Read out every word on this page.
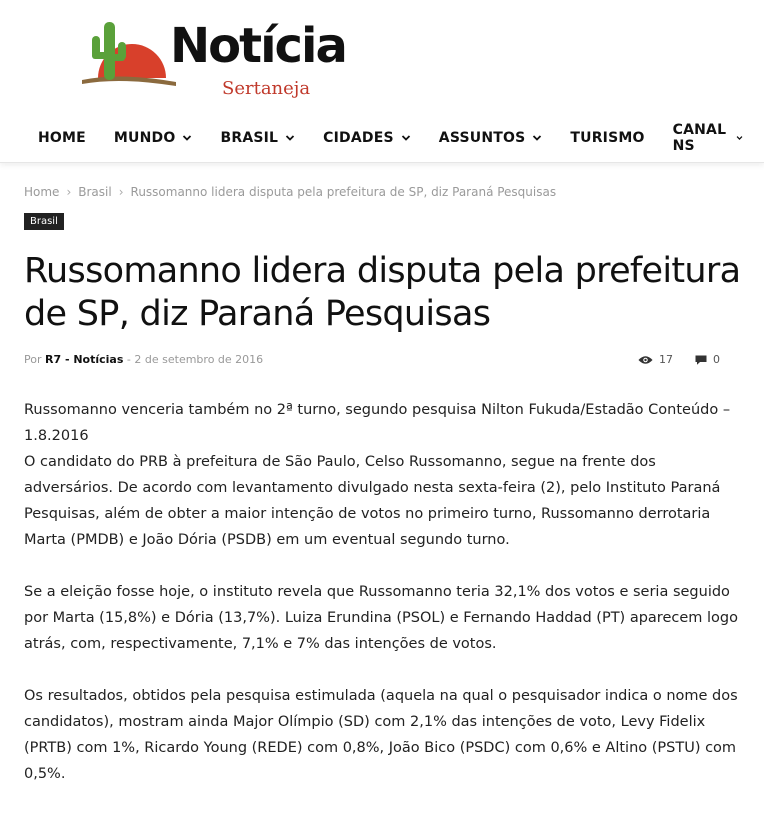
Notícia
Sertaneja
HOME MUNDO	BRASIL	CIDADES	ASSUNTOS	TURISMO CANAL NS
Home › Brasil › Russomanno lidera disputa pela prefeitura de SP, diz Paraná Pesquisas
Brasil
Russomanno lidera disputa pela prefeitura de SP, diz Paraná Pesquisas
Por R7 - Notícias - 2 de setembro de 2016	17	0

Russomanno venceria também no 2ª turno, segundo pesquisa Nilton Fukuda/Estadão Conteúdo – 1.8.2016
O candidato do PRB à prefeitura de São Paulo, Celso Russomanno, segue na frente dos adversários. De acordo com levantamento divulgado nesta sexta-feira (2), pelo Instituto Paraná Pesquisas, além de obter a maior intenção de votos no primeiro turno, Russomanno derrotaria Marta (PMDB) e João Dória (PSDB) em um eventual segundo turno.

Se a eleição fosse hoje, o instituto revela que Russomanno teria 32,1% dos votos e seria seguido por Marta (15,8%) e Dória (13,7%). Luiza Erundina (PSOL) e Fernando Haddad (PT) aparecem logo atrás, com, respectivamente, 7,1% e 7% das intenções de votos.

Os resultados, obtidos pela pesquisa estimulada (aquela na qual o pesquisador indica o nome dos candidatos), mostram ainda Major Olímpio (SD) com 2,1% das intenções de voto, Levy Fidelix (PRTB) com 1%, Ricardo Young (REDE) com 0,8%, João Bico (PSDC) com 0,6% e Altino (PSTU) com 0,5%.
